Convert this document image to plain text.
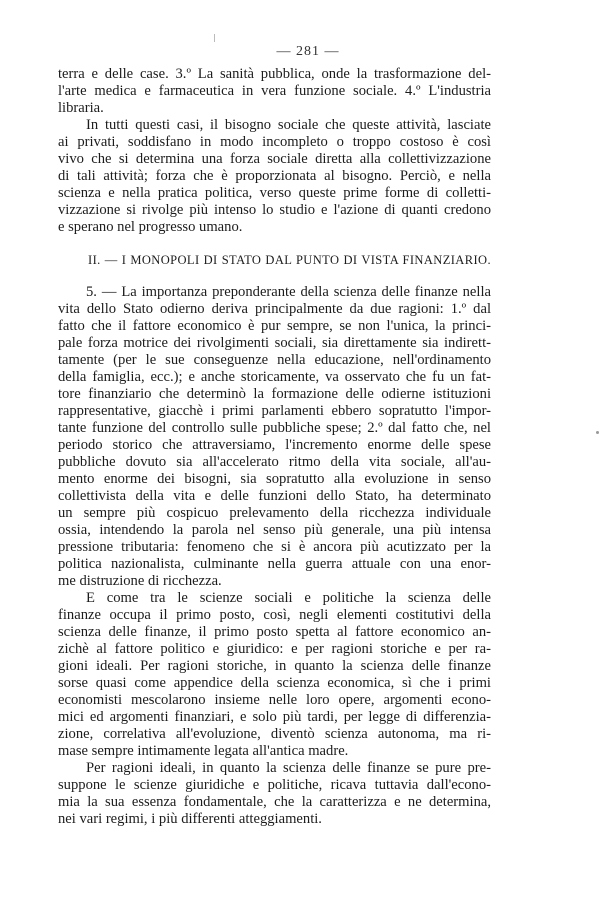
— 281 —
terra e delle case. 3.º La sanità pubblica, onde la trasformazione del-
l'arte medica e farmaceutica in vera funzione sociale. 4.º L'industria
libraria.
In tutti questi casi, il bisogno sociale che queste attività, lasciate
ai privati, soddisfano in modo incompleto o troppo costoso è così
vivo che si determina una forza sociale diretta alla collettivizzazione
di tali attività; forza che è proporzionata al bisogno. Perciò, e nella
scienza e nella pratica politica, verso queste prime forme di colletti-
vizzazione si rivolge più intenso lo studio e l'azione di quanti credono
e sperano nel progresso umano.
II. — I MONOPOLI DI STATO DAL PUNTO DI VISTA FINANZIARIO.
5. — La importanza preponderante della scienza delle finanze nella
vita dello Stato odierno deriva principalmente da due ragioni: 1.º dal
fatto che il fattore economico è pur sempre, se non l'unica, la princi-
pale forza motrice dei rivolgimenti sociali, sia direttamente sia indirett-
tamente (per le sue conseguenze nella educazione, nell'ordinamento
della famiglia, ecc.); e anche storicamente, va osservato che fu un fat-
tore finanziario che determinò la formazione delle odierne istituzioni
rappresentative, giacchè i primi parlamenti ebbero sopratutto l'impor-
tante funzione del controllo sulle pubbliche spese; 2.º dal fatto che, nel
periodo storico che attraversiamo, l'incremento enorme delle spese
pubbliche dovuto sia all'accelerato ritmo della vita sociale, all'au-
mento enorme dei bisogni, sia sopratutto alla evoluzione in senso
collettivista della vita e delle funzioni dello Stato, ha determinato
un sempre più cospicuo prelevamento della ricchezza individuale
ossia, intendendo la parola nel senso più generale, una più intensa
pressione tributaria: fenomeno che si è ancora più acutizzato per la
politica nazionalista, culminante nella guerra attuale con una enor-
me distruzione di ricchezza.
E come tra le scienze sociali e politiche la scienza delle
finanze occupa il primo posto, così, negli elementi costitutivi della
scienza delle finanze, il primo posto spetta al fattore economico an-
zichè al fattore politico e giuridico: e per ragioni storiche e per ra-
gioni ideali. Per ragioni storiche, in quanto la scienza delle finanze
sorse quasi come appendice della scienza economica, sì che i primi
economisti mescolarono insieme nelle loro opere, argomenti econo-
mici ed argomenti finanziari, e solo più tardi, per legge di differenzia-
zione, correlativa all'evoluzione, diventò scienza autonoma, ma ri-
mase sempre intimamente legata all'antica madre.
Per ragioni ideali, in quanto la scienza delle finanze se pure pre-
suppone le scienze giuridiche e politiche, ricava tuttavia dall'econo-
mia la sua essenza fondamentale, che la caratterizza e ne determina,
nei vari regimi, i più differenti atteggiamenti.
